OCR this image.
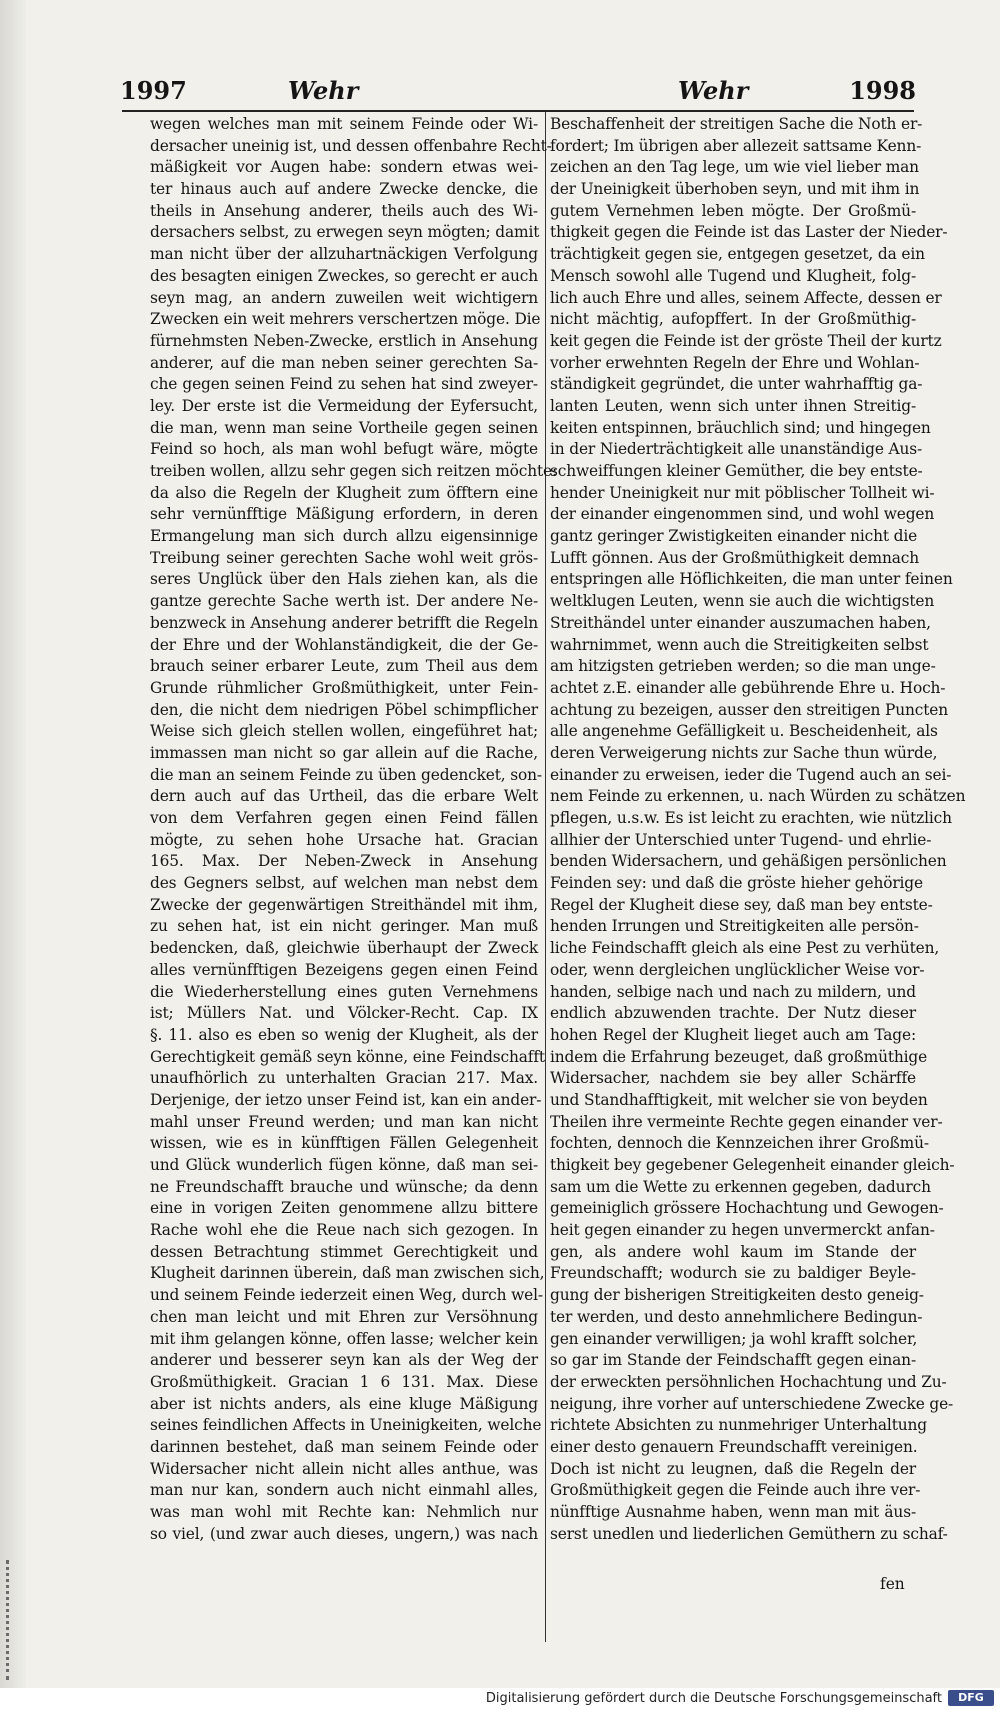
1997	Wehr	Wehr	1998
wegen welches man mit seinem Feinde oder Wi-
dersacher uneinig ist, und dessen offenbahre Recht-
mäßigkeit vor Augen habe: sondern etwas wei-
ter hinaus auch auf andere Zwecke dencke, die
theils in Ansehung anderer, theils auch des Wi-
dersachers selbst, zu erwegen seyn mögten; damit
man nicht über der allzuhartnäckigen Verfolgung
des besagten einigen Zweckes, so gerecht er auch
seyn mag, an andern zuweilen weit wichtigern
Zwecken ein weit mehrers verschertzen möge. Die
fürnehmsten Neben-Zwecke, erstlich in Ansehung
anderer, auf die man neben seiner gerechten Sa-
che gegen seinen Feind zu sehen hat sind zweyer-
ley. Der erste ist die Vermeidung der Eyfersucht,
die man, wenn man seine Vortheile gegen seinen
Feind so hoch, als man wohl befugt wäre, mögte
treiben wollen, allzu sehr gegen sich reitzen möchte:
da also die Regeln der Klugheit zum öfftern eine
sehr vernünfftige Mäßigung erfordern, in deren
Ermangelung man sich durch allzu eigensinnige
Treibung seiner gerechten Sache wohl weit grös-
seres Unglück über den Hals ziehen kan, als die
gantze gerechte Sache werth ist. Der andere Ne-
benzweck in Ansehung anderer betrifft die Regeln
der Ehre und der Wohlanständigkeit, die der Ge-
brauch seiner erbarer Leute, zum Theil aus dem
Grunde rühmlicher Großmüthigkeit, unter Fein-
den, die nicht dem niedrigen Pöbel schimpflicher
Weise sich gleich stellen wollen, eingeführet hat;
immassen man nicht so gar allein auf die Rache,
die man an seinem Feinde zu üben gedencket, son-
dern auch auf das Urtheil, das die erbare Welt
von dem Verfahren gegen einen Feind fällen
mögte, zu sehen hohe Ursache hat. Gracian
165. Max. Der Neben-Zweck in Ansehung
des Gegners selbst, auf welchen man nebst dem
Zwecke der gegenwärtigen Streithändel mit ihm,
zu sehen hat, ist ein nicht geringer. Man muß
bedencken, daß, gleichwie überhaupt der Zweck
alles vernünfftigen Bezeigens gegen einen Feind
die Wiederherstellung eines guten Vernehmens
ist; Müllers Nat. und Völcker-Recht. Cap. IX
§. 11. also es eben so wenig der Klugheit, als der
Gerechtigkeit gemäß seyn könne, eine Feindschafft
unaufhörlich zu unterhalten Gracian 217. Max.
Derjenige, der ietzo unser Feind ist, kan ein ander-
mahl unser Freund werden; und man kan nicht
wissen, wie es in künfftigen Fällen Gelegenheit
und Glück wunderlich fügen könne, daß man sei-
ne Freundschafft brauche und wünsche; da denn
eine in vorigen Zeiten genommene allzu bittere
Rache wohl ehe die Reue nach sich gezogen. In
dessen Betrachtung stimmet Gerechtigkeit und
Klugheit darinnen überein, daß man zwischen sich,
und seinem Feinde iederzeit einen Weg, durch wel-
chen man leicht und mit Ehren zur Versöhnung
mit ihm gelangen könne, offen lasse; welcher kein
anderer und besserer seyn kan als der Weg der
Großmüthigkeit. Gracian 1 6 131. Max. Diese
aber ist nichts anders, als eine kluge Mäßigung
seines feindlichen Affects in Uneinigkeiten, welche
darinnen bestehet, daß man seinem Feinde oder
Widersacher nicht allein nicht alles anthue, was
man nur kan, sondern auch nicht einmahl alles,
was man wohl mit Rechte kan: Nehmlich nur
so viel, (und zwar auch dieses, ungern,) was nach
Beschaffenheit der streitigen Sache die Noth er-
fordert; Im übrigen aber allezeit sattsame Kenn-
zeichen an den Tag lege, um wie viel lieber man
der Uneinigkeit überhoben seyn, und mit ihm in
gutem Vernehmen leben mögte. Der Großmü-
thigkeit gegen die Feinde ist das Laster der Nieder-
trächtigkeit gegen sie, entgegen gesetzet, da ein
Mensch sowohl alle Tugend und Klugheit, folg-
lich auch Ehre und alles, seinem Affecte, dessen er
nicht mächtig, aufopffert. In der Großmüthig-
keit gegen die Feinde ist der gröste Theil der kurtz
vorher erwehnten Regeln der Ehre und Wohlan-
ständigkeit gegründet, die unter wahrhafftig ga-
lanten Leuten, wenn sich unter ihnen Streitig-
keiten entspinnen, bräuchlich sind; und hingegen
in der Niederträchtigkeit alle unanständige Aus-
schweiffungen kleiner Gemüther, die bey entste-
hender Uneinigkeit nur mit pöblischer Tollheit wi-
der einander eingenommen sind, und wohl wegen
gantz geringer Zwistigkeiten einander nicht die
Lufft gönnen. Aus der Großmüthigkeit demnach
entspringen alle Höflichkeiten, die man unter feinen
weltklugen Leuten, wenn sie auch die wichtigsten
Streithändel unter einander auszumachen haben,
wahrnimmet, wenn auch die Streitigkeiten selbst
am hitzigsten getrieben werden; so die man unge-
achtet z.E. einander alle gebührende Ehre u. Hoch-
achtung zu bezeigen, ausser den streitigen Puncten
alle angenehme Gefälligkeit u. Bescheidenheit, als
deren Verweigerung nichts zur Sache thun würde,
einander zu erweisen, ieder die Tugend auch an sei-
nem Feinde zu erkennen, u. nach Würden zu schätzen
pflegen, u.s.w. Es ist leicht zu erachten, wie nützlich
allhier der Unterschied unter Tugend- und ehrlie-
benden Widersachern, und gehäßigen persönlichen
Feinden sey: und daß die gröste hieher gehörige
Regel der Klugheit diese sey, daß man bey entste-
henden Irrungen und Streitigkeiten alle persön-
liche Feindschafft gleich als eine Pest zu verhüten,
oder, wenn dergleichen unglücklicher Weise vor-
handen, selbige nach und nach zu mildern, und
endlich abzuwenden trachte. Der Nutz dieser
hohen Regel der Klugheit lieget auch am Tage:
indem die Erfahrung bezeuget, daß großmüthige
Widersacher, nachdem sie bey aller Schärffe
und Standhafftigkeit, mit welcher sie von beyden
Theilen ihre vermeinte Rechte gegen einander ver-
fochten, dennoch die Kennzeichen ihrer Großmü-
thigkeit bey gegebener Gelegenheit einander gleich-
sam um die Wette zu erkennen gegeben, dadurch
gemeiniglich grössere Hochachtung und Gewogen-
heit gegen einander zu hegen unvermerckt anfan-
gen, als andere wohl kaum im Stande der
Freundschafft; wodurch sie zu baldiger Beyle-
gung der bisherigen Streitigkeiten desto geneig-
ter werden, und desto annehmlichere Bedingun-
gen einander verwilligen; ja wohl krafft solcher,
so gar im Stande der Feindschafft gegen einan-
der erweckten persöhnlichen Hochachtung und Zu-
neigung, ihre vorher auf unterschiedene Zwecke ge-
richtete Absichten zu nunmehriger Unterhaltung
einer desto genauern Freundschafft vereinigen.
Doch ist nicht zu leugnen, daß die Regeln der
Großmüthigkeit gegen die Feinde auch ihre ver-
nünfftige Ausnahme haben, wenn man mit äus-
serst unedlen und liederlichen Gemüthern zu schaf-
fen
Digitalisierung gefördert durch die Deutsche Forschungsgemeinschaft	DFG
